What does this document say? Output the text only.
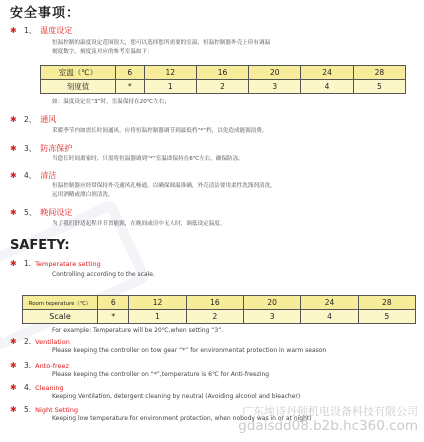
安全事项：
✱ 1、 温度设定
恒温控制的温度设定范围很大，您可以选择您所需要的室温，恒温控制器外壳上印有调温
刻度数字，刻度及对应的参考室温如下：
室温（℃）	6	12	16	20	24	28
刻度值	*	1	2	3	4	5
如：温度设定在“3”时，室温保持在20℃左右；
✱ 2、 通风
采暖季节内如需长时间通风，应将恒温控制器调节到最低档“*”档，以免造成能源浪费。
✱ 3、 防冻保护
当您长时间离家时，只需将恒温器调到“*”室温即保持在6℃左右，确保防冻。
✱ 4、 清洁
恒温控制器应经常保持外壳通风孔畅通，以确保调温准确，外壳清洁要用柔性洗涤剂清洗，
远用酒精或漂白剂清洗。
✱ 5、 晚间设定
为了我们舒适起程并节省能源，在晚间或房中无人时，调低设定温度。
SAFETY:
✱ 1. Temperatare setting
Controlling according to the scale.
Room teperature（℃）	6	12	16	20	24	28
Scale	*	1	2	3	4	5
For example: Temperature will be 20℃,when setting “3”.
✱ 2. Ventilation
Please keeping the controller on tow gear “*” for environmentat protection in warm season
✱ 3. Anto-freez
Please keeping the controller on “*”,temperature is 6℃ for Anti-freezing
✱ 4. Cleaning
Keeping Ventilation, detergent cleaning by neutral (Avoiding alconol and bleacher)
✱ 5. Night Setting
Keeping low temperature for environment protection, when nobody was in or at night)
广东埃诗丹顿机电设备科技有限公司
gdaisdd08.b2b.hc360.com
